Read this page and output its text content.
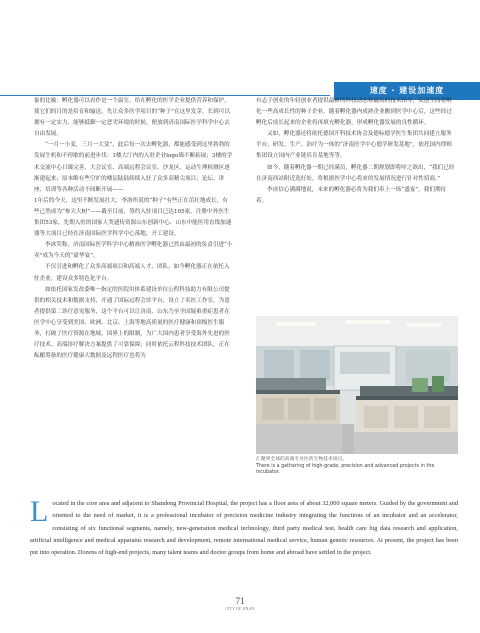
速度 · 建设加速度

象的比喻：孵化器可以看作是一个温室，给在孵化的医学企业提供营养和保护，使它们的目的是培育和输送，先让众多医学项目的“种子”在这里发芽，长到可以拥有一定实力、能够抵御一定恶劣环境的时候，便放到济南国际医学科学中心去自由发展。

“一月一小变，三月一大变”，此后每一次去孵化器，都能感受到这里勃勃的发展生机和不停歇的前进步伐：1楼大厅内的入驻企业logo墙不断拓展；3楼的学术交流中心日臻完善，大会议室、高端远程会议室、沙龙区、运动生理检测区逐渐建起来；原本略有些空旷的楼层陆陆续续入驻了众多高精尖项目；论坛、讲座、培训等各种活动不间断开展——

1年后的今天，这里不断发展壮大，李洛所说的“种子”有些正在茁壮地成长，有些已然成为“参天大树”——截至目前，签约入驻项目已达105家，注册中外医生集团53家，先期入驻的国家人类遗传资源山东创新中心、山东中能医用直线加速器等大项目已经在济南国际医学科学中心落地，开工建设。

李冰笑称，济南国际医学科学中心精准医学孵化器已然由最初的负责引进“小卖”成为今天的“豪华宴”。

不仅引进和孵化了众多高端项目和高端人才、团队，如今孵化器正在依托入驻企业，建设众多特色化平台。

如依托国家发改委唯一指定的医院用体系建设单位公程科技助力有限公司提供的相关技术和数据支持，开通了国际远程会诊平台，设立了名医工作室，为患者提供第二诊疗意见服务，这个平台可以让济南、山东乃至全国疑难重症患者在医学中心享受到美国、欧洲、北京、上海等地高质量的医疗健康和顶级医生服务，打破了医疗资源在地域、国界上的限制，为广大国内患者享受海外先进的医疗技术、高端诊疗解决方案提供了可靠保障；同时依托云程科技技术团队，正在酝酿筹备的医疗健康大数据及远程医疗也将为

有志于创业的年轻创业者提供最新的科技动态和最高的技术指导，众创空间将孵化一些高成长性的种子企业，随着孵化器内成熟企业搬到医学中心后，这些经过孵化后成长起来的企业将再填充孵化器，形成孵化器发展的良性循环。

又如，孵化器还将依托德国开科技术协会及德标德学医生集团共同建立服务平台，研发、生产、治疗为一体的“济南医学中心德学研发基地”，依托国内律师集团设立国内产业链培育基地等等。

如今，随着孵化器一期已经满员，孵化器二期规划即将呼之欲出，“我们已经在济南西站附近选好址，将根据医学中心将来的发展情况进行针对性招商。”

李冰信心满满地说，未来的孵化器必将为我们奉上一场“盛宴”，我们期待着。

汇聚到全球的高端专业医药生物技术项目。
There is a gathering of high-grade, precision and advanced projects in the incubator.
Located in the core area and adjacent to Shandong Provincial Hospital, the project has a floor area of about 32,000 square meters. Guided by the government and oriented to the need of market, it is a professional incubator of precision medicine industry integrating the functions of an incubator and an accelerator, consisting of six functional segments, namely, new-generation medical technology, third party medical test, health care big data research and application, artificial intelligence and medical apparatus research and development, remote international medical service, human genetic resources. At present, the project has been put into operation. Dozens of high-end projects, many talent teams and doctor groups from home and abroad have settled in the project.
71
CITY OF JINAN
